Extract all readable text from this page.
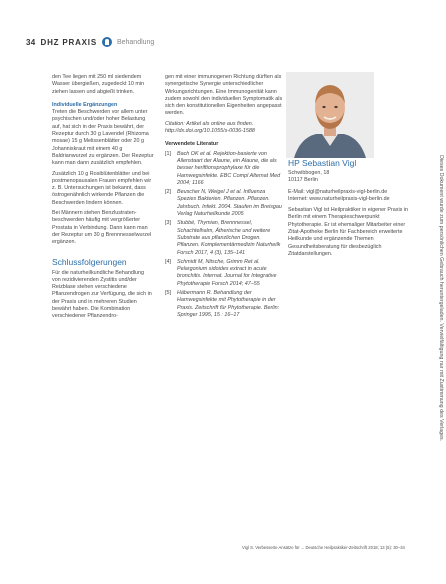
34 DHZ PRAXIS	Behandlung

den Tee liegen mit 250 ml siedendem Wasser übergießen, zugedeckt 10 min ziehen lassen und abgießt trinken.

Individuelle Ergänzungen

Treten die Beschwerden vor allem unter psychischen und/oder hoher Belastung auf, hat sich in der Praxis bewährt, der Rezeptur durch 30 g Lavendel (Rhizoma mosae) 15 g Melissenblätter oder 20 g Johanniskraut mit einem 40 g Baldrianwurzel zu ergänzen. Der Rezeptur kann man dann zusätzlich empfehlen.

Zusätzlich 10 g Rosiblütenblätter und bei postmenopausalen Frauen empfehlen wir z. B. Untersuchungen ist bekannt, dass östrogenähnlich wirkende Pflanzen die Beschwerden lindern können.

Bei Männern stehen Benzlustraten-beschwerden häufig mit vergrößerter Prostata in Verbindung. Dann kann man der Rezeptur um 30 g Brennnesselwurzel ergänzen.

Schlussfolgerungen

Für die naturheilkundliche Behandlung von rezidivierenden Zystitis und/der Reizblase stehen verschiedene Pflanzendrogen zur Verfügung, die sich in der Praxis und in mehreren Studien bewährt haben. Die Kombination verschiedener Pflanzendro-

gen mit einer immunogenen Richtung dürften als synergetische Synergie unterschiedlicher Wirkungsrichtungen. Eine Immunogenität kann zudem sowohl den individuellen Symptomatik als sich den konstitutionellen Eigenheiten angepasst werden.

Citation: Artikel als online aus finden. http://dx.doi.org/10.1055/s-0036-1588

Verwendete Literatur
[1]	Bach OK et al. Rejektion-basierte von Allenstaart der Alaune, ein Alaune, die als besser heriftionsprophylaxe für die Harnwegsinfekte. EBC Compl Alternat Med 2004; 1166
[2]	Beuscher N, Weigel J et al. Influenza Spezies Bakterien. Pflanzen. Pflanzen. Jahrbuch. Infekt. 2004. Staufen im Breisgau Verlag Naturheilkunde 2005
[3]	Stubbé, Thymian, Brennnessel, Schachtelhalm, Ätherische und weitere Substrate aus pflanzlichen Drogen. Pflanzen. Komplementärmedizin Naturheilk Forsch 2017, 4 (3), 135–141
[4]	Schmidt M, Nitsche, Grimm Ret al. Pelargonium sidoides extract in acute bronchitis. Internat. Journal for Integrative Phytotherapie Forsch 2014; 47–55
[5]	Häbermann R. Behandlung der Harnwegsinfekte mit Phytotherapie in der Praxis. Zeitschrift für Phytotherapie. Berlin: Springer 1995, 15 : 16–17
HP Sebastian Vigl
Schwibbogen, 18
10117 Berlin
E-Mail: vigl@naturheilpraxis-vigl-berlin.de
Internet: www.naturheilpraxis-vigl-berlin.de

Sebastian Vigl ist Heilpraktiker in eigener Praxis in Berlin mit einem Therapieschwerpunkt Phytotherapie. Er ist ehemaliger Mitarbeiter einer Zitat-Apotheke Berlin für Fachbereich erweiterte Heilkunde und ergänzende Themen Gesundheitsberatung für diesbezüglich Zitatdarstellungen.	Dieses Dokument wurde zum persönlichen Gebrauch heruntergeladen. Vervielfältigung nur mit Zustimmung des Verlages.
Vigl S. Verbesserte Ansätze für ... Deutsche Heilpraktiker-Zeitschrift 2018; 13 (5): 30–34
